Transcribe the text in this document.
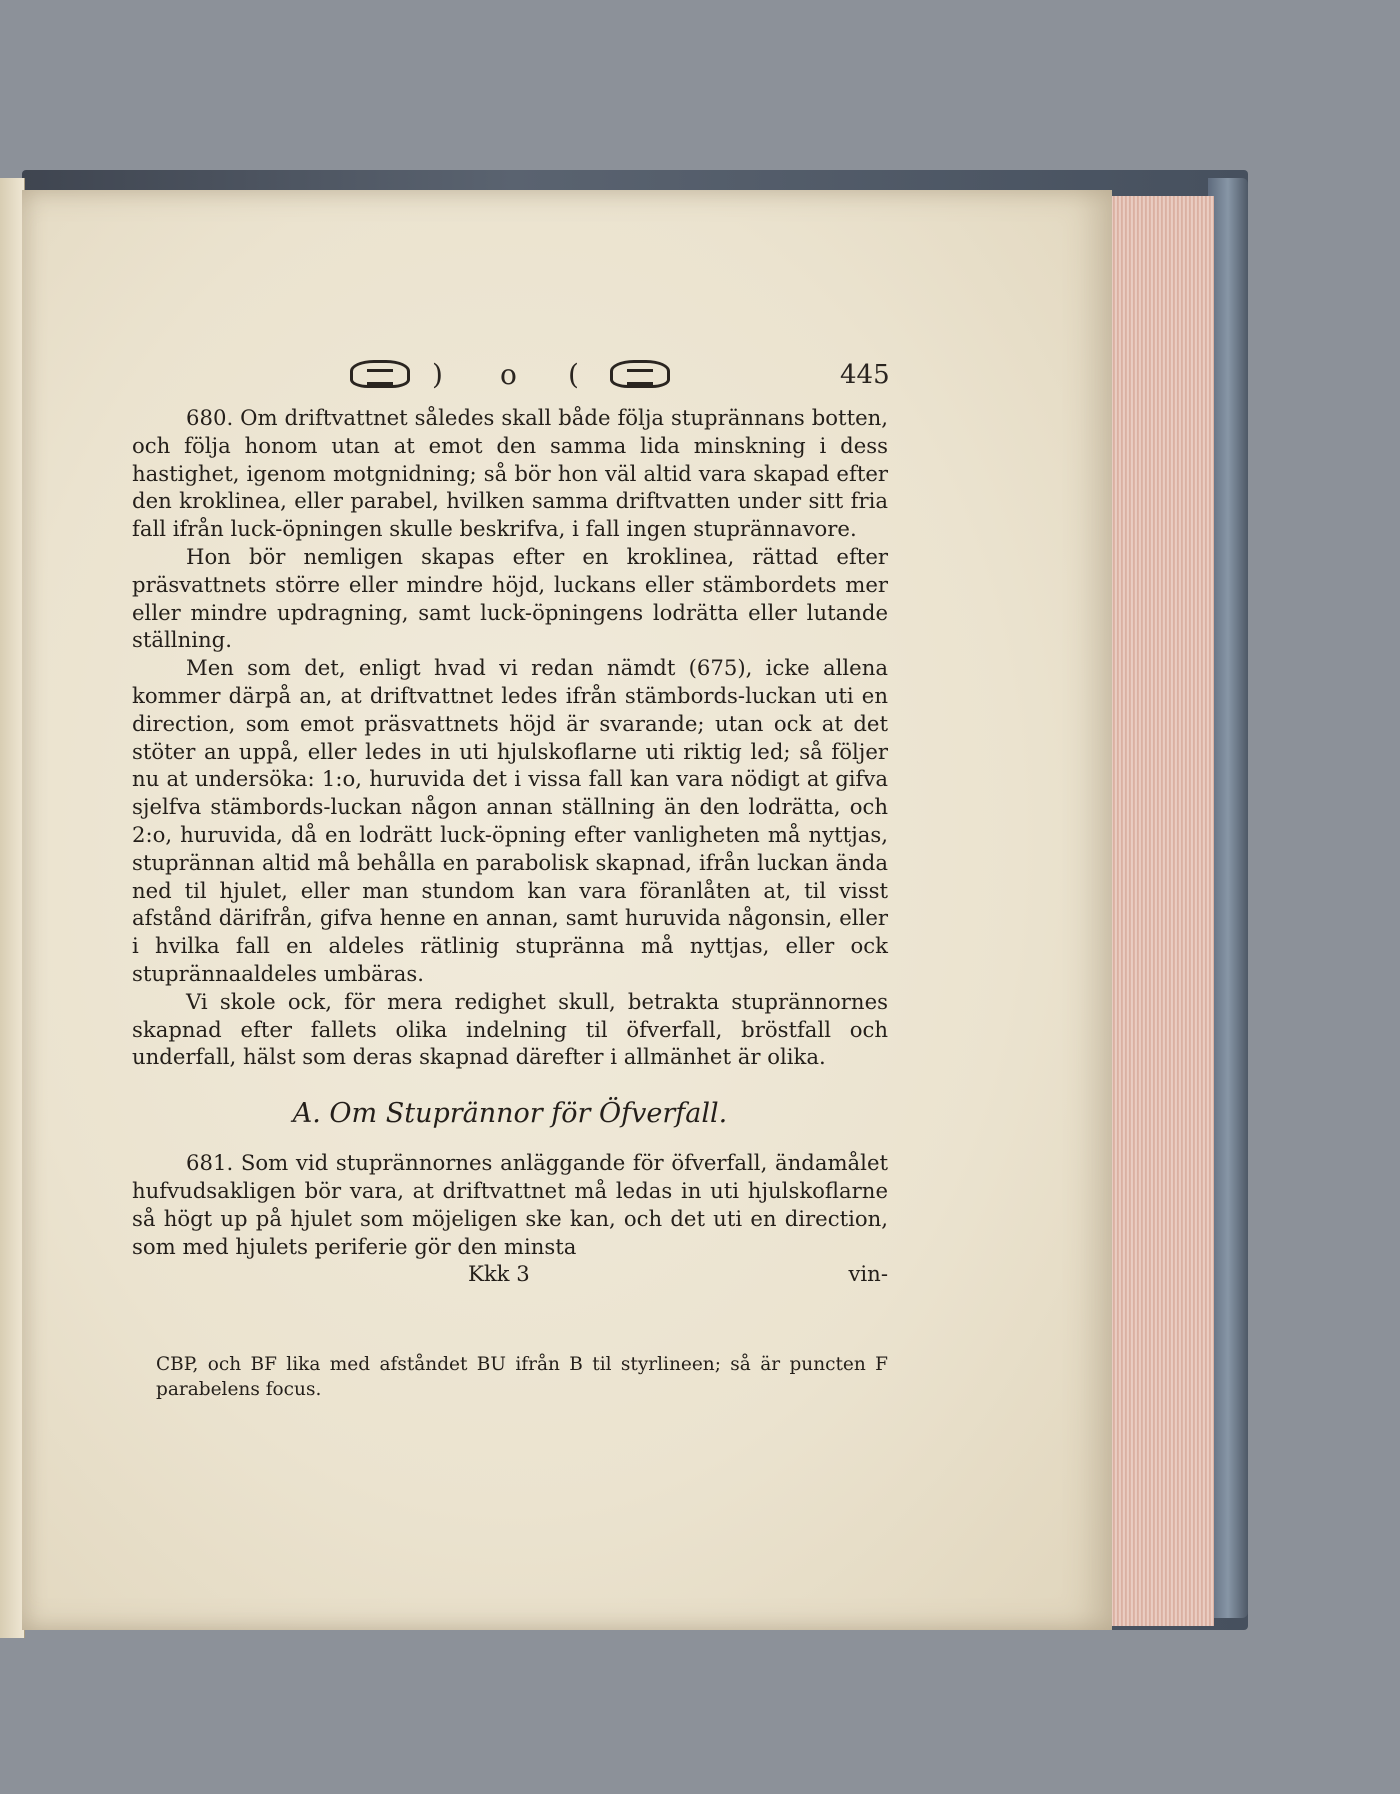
) o (	445

680. Om driftvattnet således skall både följa stuprännans botten, och följa honom utan at emot den samma lida minskning i dess hastighet, igenom motgnidning; så bör hon väl altid vara skapad efter den kroklinea, eller parabel, hvilken samma driftvatten under sitt fria fall ifrån luck-öpningen skulle beskrifva, i fall ingen stuprännavore.

Hon bör nemligen skapas efter en kroklinea, rättad efter präsvattnets större eller mindre höjd, luckans eller stämbordets mer eller mindre updragning, samt luck-öpningens lodrätta eller lutande ställning.

Men som det, enligt hvad vi redan nämdt (675), icke allena kommer därpå an, at driftvattnet ledes ifrån stämbords-luckan uti en direction, som emot präsvattnets höjd är svarande; utan ock at det stöter an uppå, eller ledes in uti hjulskoflarne uti riktig led; så följer nu at undersöka: 1:o, huruvida det i vissa fall kan vara nödigt at gifva sjelfva stämbords-luckan någon annan ställning än den lodrätta, och 2:o, huruvida, då en lodrätt luck-öpning efter vanligheten må nyttjas, stuprännan altid må behålla en parabolisk skapnad, ifrån luckan ända ned til hjulet, eller man stundom kan vara föranlåten at, til visst afstånd därifrån, gifva henne en annan, samt huruvida någonsin, eller i hvilka fall en aldeles rätlinig stupränna må nyttjas, eller ock stuprännaaldeles umbäras.

Vi skole ock, för mera redighet skull, betrakta stuprännornes skapnad efter fallets olika indelning til öfverfall, bröstfall och underfall, hälst som deras skapnad därefter i allmänhet är olika.

A. Om Stuprännor för Öfverfall.

681. Som vid stuprännornes anläggande för öfverfall, ändamålet hufvudsakligen bör vara, at driftvattnet må ledas in uti hjulskoflarne så högt up på hjulet som möjeligen ske kan, och det uti en direction, som med hjulets periferie gör den minsta

Kkk 3	vin-
CBP, och BF lika med afståndet BU ifrån B til styrlineen; så är puncten F parabelens focus.
